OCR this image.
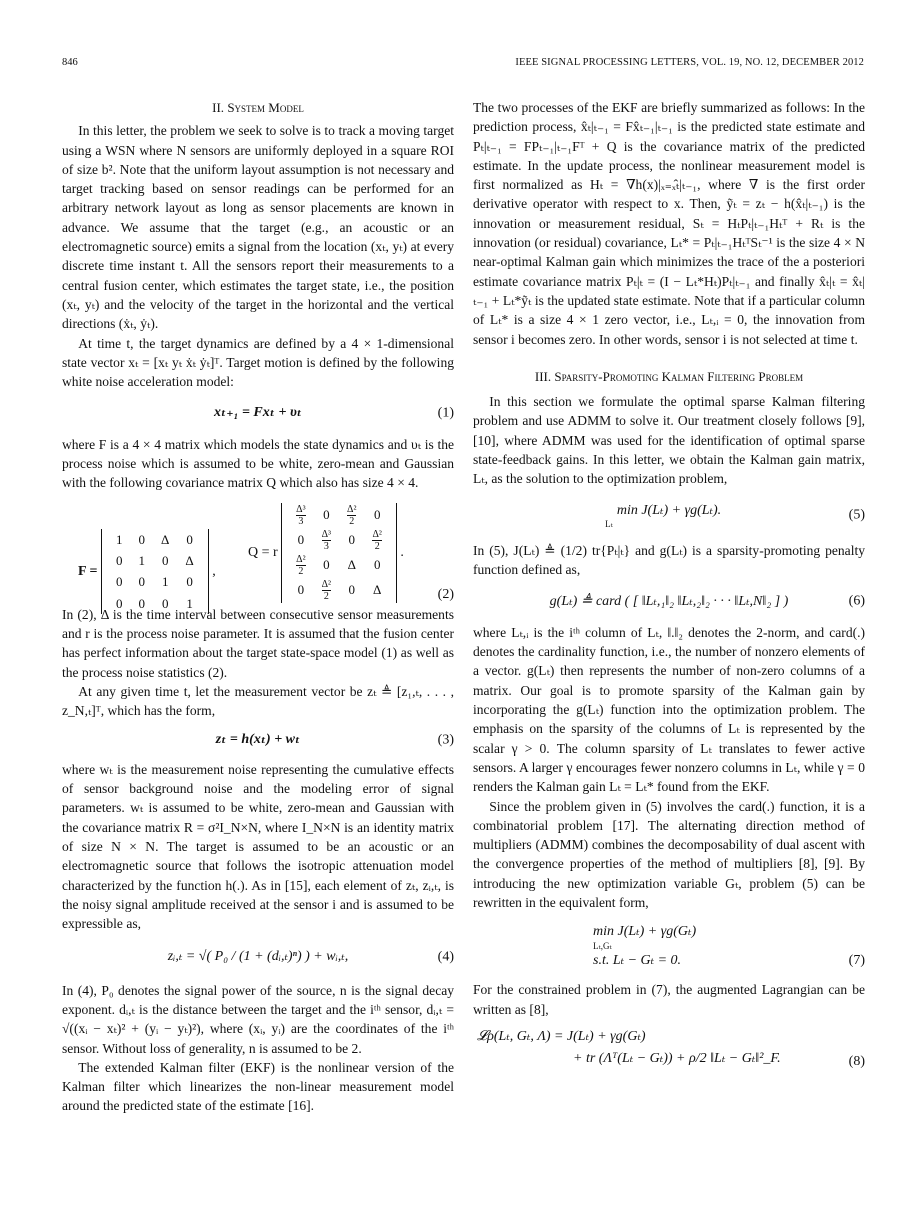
846	IEEE SIGNAL PROCESSING LETTERS, VOL. 19, NO. 12, DECEMBER 2012
II. System Model

In this letter, the problem we seek to solve is to track a moving target using a WSN where N sensors are uniformly deployed in a square ROI of size b². Note that the uniform layout assumption is not necessary and target tracking based on sensor readings can be performed for an arbitrary network layout as long as sensor placements are known in advance. We assume that the target (e.g., an acoustic or an electromagnetic source) emits a signal from the location (xₜ, yₜ) at every discrete time instant t. All the sensors report their measurements to a central fusion center, which estimates the target state, i.e., the position (xₜ, yₜ) and the velocity of the target in the horizontal and the vertical directions (ẋₜ, ẏₜ).

At time t, the target dynamics are defined by a 4 × 1-dimensional state vector xₜ = [xₜ yₜ ẋₜ ẏₜ]ᵀ. Target motion is defined by the following white noise acceleration model:

xₜ₊₁ = Fxₜ + υₜ	(1)

where F is a 4 × 4 matrix which models the state dynamics and υₜ is the process noise which is assumed to be white, zero-mean and Gaussian with the following covariance matrix Q which also has size 4 × 4.

F =
1	0	Δ	0
0	1	0	Δ
0	0	1	0
0	0	0	1
,
Q = r
$\frac{\text{Δ³}}{3}$	0	$\frac{\text{Δ²}}{2}$	0
0	$\frac{\text{Δ³}}{3}$	0	$\frac{\text{Δ²}}{2}$

$\frac{\text{Δ²}}{2}$	0	Δ	0
0	$\frac{\text{Δ²}}{2}$	0	Δ
.
(2)

In (2), Δ is the time interval between consecutive sensor measurements and r is the process noise parameter. It is assumed that the fusion center has perfect information about the target state-space model (1) as well as the process noise statistics (2).

At any given time t, let the measurement vector be zₜ ≜ [z₁,ₜ, . . . , z_N,ₜ]ᵀ, which has the form,

zₜ = h(xₜ) + wₜ	(3)

where wₜ is the measurement noise representing the cumulative effects of sensor background noise and the modeling error of signal parameters. wₜ is assumed to be white, zero-mean and Gaussian with the covariance matrix R = σ²I_N×N, where I_N×N is an identity matrix of size N × N. The target is assumed to be an acoustic or an electromagnetic source that follows the isotropic attenuation model characterized by the function h(.). As in [15], each element of zₜ, zᵢ,ₜ, is the noisy signal amplitude received at the sensor i and is assumed to be expressible as,

zᵢ,ₜ = √( P₀ / (1 + (dᵢ,ₜ)ⁿ) ) + wᵢ,ₜ,	(4)

In (4), P₀ denotes the signal power of the source, n is the signal decay exponent. dᵢ,ₜ is the distance between the target and the iᵗʰ sensor, dᵢ,ₜ = √((xᵢ − xₜ)² + (yᵢ − yₜ)²), where (xᵢ, yᵢ) are the coordinates of the iᵗʰ sensor. Without loss of generality, n is assumed to be 2.

The extended Kalman filter (EKF) is the nonlinear version of the Kalman filter which linearizes the non-linear measurement model around the predicted state of the estimate [16].

The two processes of the EKF are briefly summarized as follows: In the prediction process, x̂ₜ|ₜ₋₁ = Fx̂ₜ₋₁|ₜ₋₁ is the predicted state estimate and Pₜ|ₜ₋₁ = FPₜ₋₁|ₜ₋₁Fᵀ + Q is the covariance matrix of the predicted estimate. In the update process, the nonlinear measurement model is first normalized as Hₜ = ∇h(x)|ₓ₌ₓ̂ₜ|ₜ₋₁, where ∇ is the first order derivative operator with respect to x. Then, ỹₜ = zₜ − h(x̂ₜ|ₜ₋₁) is the innovation or measurement residual, Sₜ = HₜPₜ|ₜ₋₁Hₜᵀ + Rₜ is the innovation (or residual) covariance, Lₜ* = Pₜ|ₜ₋₁HₜᵀSₜ⁻¹ is the size 4 × N near-optimal Kalman gain which minimizes the trace of the a posteriori estimate covariance matrix Pₜ|ₜ = (I − Lₜ*Hₜ)Pₜ|ₜ₋₁ and finally x̂ₜ|ₜ = x̂ₜ|ₜ₋₁ + Lₜ*ỹₜ is the updated state estimate. Note that if a particular column of Lₜ* is a size 4 × 1 zero vector, i.e., Lₜ,ᵢ = 0, the innovation from sensor i becomes zero. In other words, sensor i is not selected at time t.

III. Sparsity-Promoting Kalman Filtering Problem

In this section we formulate the optimal sparse Kalman filtering problem and use ADMM to solve it. Our treatment closely follows [9], [10], where ADMM was used for the identification of optimal sparse state-feedback gains. In this letter, we obtain the Kalman gain matrix, Lₜ, as the solution to the optimization problem,

min J(Lₜ) + γg(Lₜ).
Lₜ
(5)

In (5), J(Lₜ) ≜ (1/2) tr{Pₜ|ₜ} and g(Lₜ) is a sparsity-promoting penalty function defined as,

g(Lₜ) ≜ card ( [ ‖Lₜ,₁‖₂ ‖Lₜ,₂‖₂ · · · ‖Lₜ,N‖₂ ] )	(6)

where Lₜ,ᵢ is the iᵗʰ column of Lₜ, ‖.‖₂ denotes the 2-norm, and card(.) denotes the cardinality function, i.e., the number of nonzero elements of a vector. g(Lₜ) then represents the number of non-zero columns of a matrix. Our goal is to promote sparsity of the Kalman gain by incorporating the g(Lₜ) function into the optimization problem. The emphasis on the sparsity of the columns of Lₜ is represented by the scalar γ > 0. The column sparsity of Lₜ translates to fewer active sensors. A larger γ encourages fewer nonzero columns in Lₜ, while γ = 0 renders the Kalman gain Lₜ = Lₜ* found from the EKF.

Since the problem given in (5) involves the card(.) function, it is a combinatorial problem [17]. The alternating direction method of multipliers (ADMM) combines the decomposability of dual ascent with the convergence properties of the method of multipliers [8], [9]. By introducing the new optimization variable Gₜ, problem (5) can be rewritten in the equivalent form,

min J(Lₜ) + γg(Gₜ)
Lₜ,Gₜ
s.t. Lₜ − Gₜ = 0.	(7)

For the constrained problem in (7), the augmented Lagrangian can be written as [8],

𝓛ρ(Lₜ, Gₜ, Λ) = J(Lₜ) + γg(Gₜ)
+ tr (Λᵀ(Lₜ − Gₜ)) + ρ/2 ‖Lₜ − Gₜ‖²_F.	(8)
